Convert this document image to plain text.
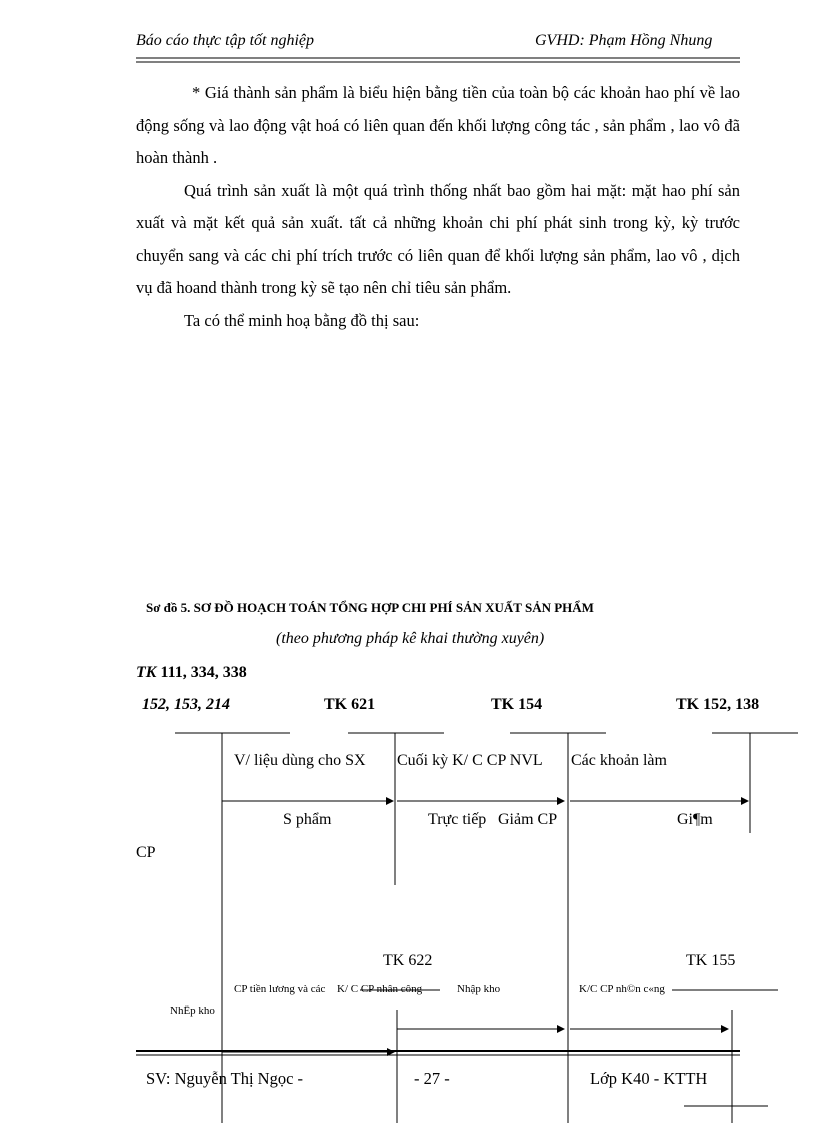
Báo cáo thực tập tốt nghiệp	GVHD: Phạm Hồng Nhung

* Giá thành sản phẩm là biểu hiện bằng tiền của toàn bộ các khoản hao phí về lao động sống và lao động vật hoá có liên quan đến khối lượng công tác , sản phẩm , lao vô đã hoàn thành .

Quá trình sản xuất là một quá trình thống nhất bao gồm hai mặt: mặt hao phí sản xuất và mặt kết quả sản xuất. tất cả những khoản chi phí phát sinh trong kỳ, kỳ trước chuyển sang và các chi phí trích trước có liên quan để khối lượng sản phẩm, lao vô , dịch vụ đã hoand thành trong kỳ sẽ tạo nên chỉ tiêu sản phẩm.

Ta có thể minh hoạ bằng đồ thị sau:

Sơ đồ 5. SƠ ĐỒ HOẠCH TOÁN TỔNG HỢP CHI PHÍ SẢN XUẤT SẢN PHẨM
(theo phương pháp kê khai thường xuyên)
TK 111, 334, 338
152, 153, 214	TK 621	TK 154	TK 152, 138
V/ liệu dùng cho SX Cuối kỳ K/ C CP NVL Các khoản làm
S phẩm	Trực tiếp Giảm CP	Gi¶m
CP
TK 622	TK 155
CP tiền lương và các K/ C CP nhân công	Nhập kho	K/C CP nh©n c«ng
NhËp kho
SV: Nguyễn Thị Ngọc -	- 27 -	Lớp K40 - KTTH
